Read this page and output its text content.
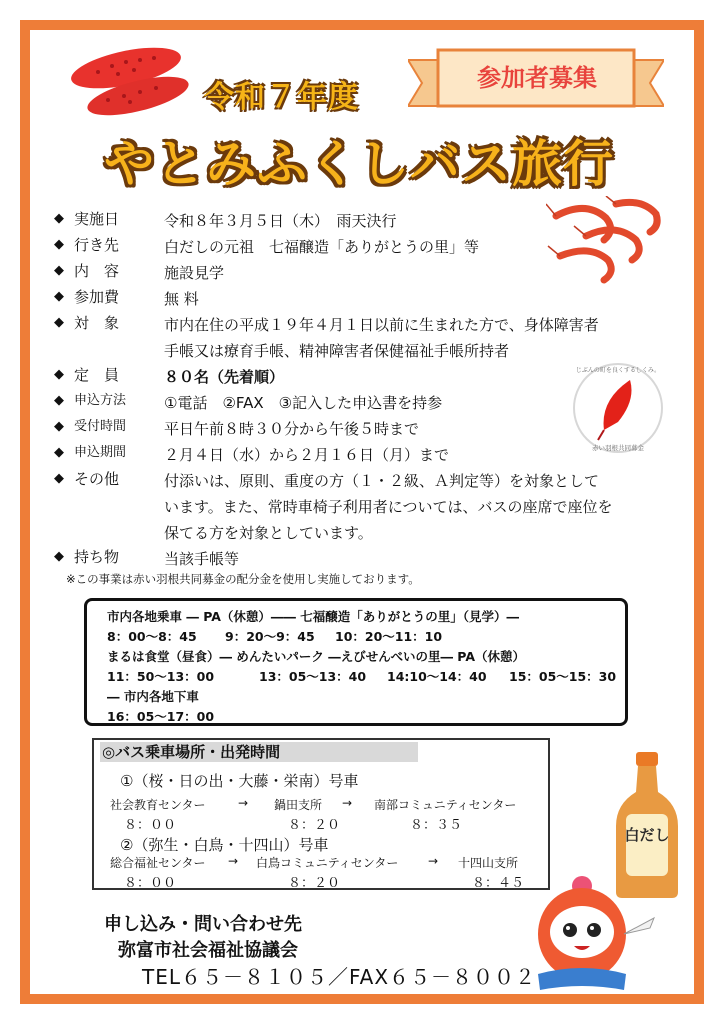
参加者募集
令和７年度
やとみふくしバス旅行
じぶんの町を良くするしくみ。
赤い羽根共同募金
白だし
◆ 実施日	令和８年３月５日（木）　雨天決行
◆ 行き先	白だしの元祖　七福醸造「ありがとうの里」等
◆ 内　容	施設見学
◆ 参加費	無 料
◆ 対　象	市内在住の平成１９年４月１日以前に生まれた方で、身体障害者
手帳又は療育手帳、精神障害者保健福祉手帳所持者
◆ 定　員	８０名（先着順）
◆ 申込方法	①電話　②FAX　③記入した申込書を持参
◆ 受付時間	平日午前８時３０分から午後５時まで
◆ 申込期間	２月４日（水）から２月１６日（月）まで
◆ その他	付添いは、原則、重度の方（１・２級、Ａ判定等）を対象として
います。また、常時車椅子利用者については、バスの座席で座位を
保てる方を対象としています。
◆ 持ち物	当該手帳等
※この事業は赤い羽根共同募金の配分金を使用し実施しております。
市内各地乗車 ― PA（休憩）―― 七福醸造「ありがとうの里」（見学）―
8：00～8：45 9：20～9：45 10：20～11：10
まるは食堂（昼食）― めんたいパーク ―えびせんべいの里― PA（休憩）
11：50～13：00	13：05～13：40 14:10～14：40 15：05～15：30
― 市内各地下車
16：05～17：00
◎バス乗車場所・出発時間
①（桜・日の出・大藤・栄南）号車
社会教育センター	→ 鍋田支所 → 南部コミュニティセンター
８：００	８：２０	８：３５
②（弥生・白鳥・十四山）号車
総合福祉センター → 白鳥コミュニティセンター → 十四山支所
８：００	８：２０	８：４５
申し込み・問い合わせ先
弥富市社会福祉協議会
TEL６５－８１０５／FAX６５－８００２
